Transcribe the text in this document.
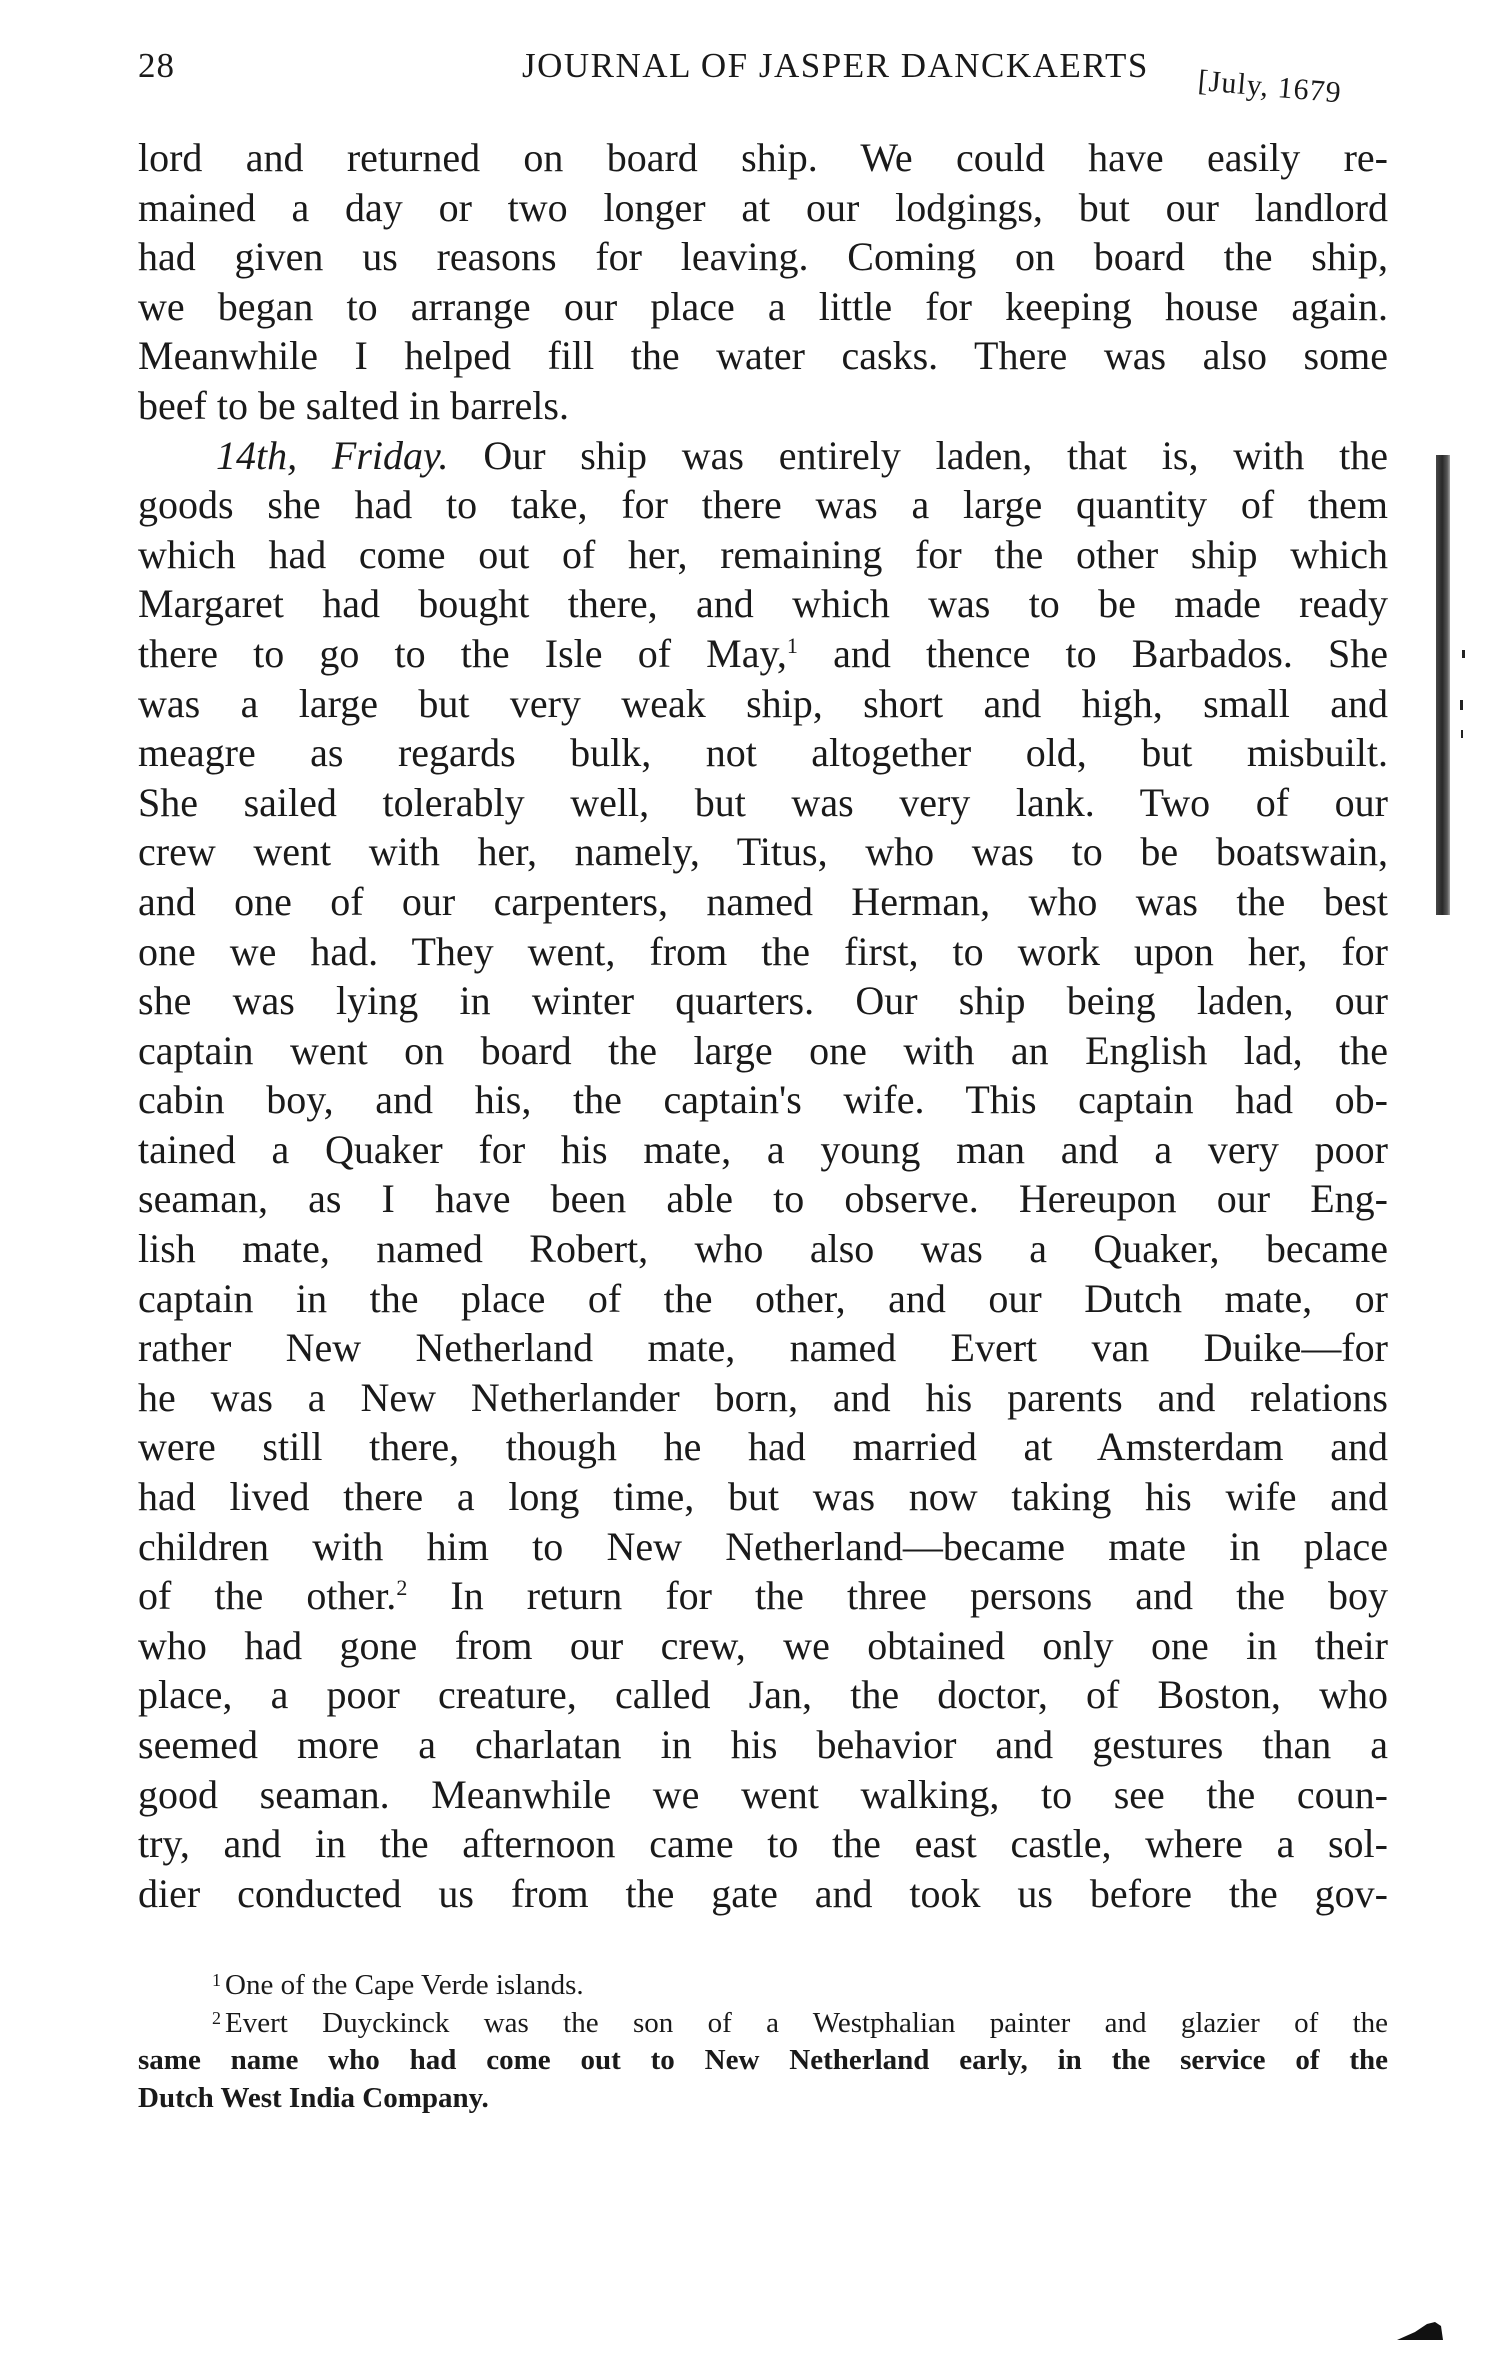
28	JOURNAL OF JASPER DANCKAERTS [July, 1679
lord and returned on board ship. We could have easily re-
mained a day or two longer at our lodgings, but our landlord
had given us reasons for leaving. Coming on board the ship,
we began to arrange our place a little for keeping house again.
Meanwhile I helped fill the water casks. There was also some
beef to be salted in barrels.
14th, Friday. Our ship was entirely laden, that is, with the
goods she had to take, for there was a large quantity of them
which had come out of her, remaining for the other ship which
Margaret had bought there, and which was to be made ready
there to go to the Isle of May,$^1$ and thence to Barbados. She
was a large but very weak ship, short and high, small and
meagre as regards bulk, not altogether old, but misbuilt.
She sailed tolerably well, but was very lank. Two of our
crew went with her, namely, Titus, who was to be boatswain,
and one of our carpenters, named Herman, who was the best
one we had. They went, from the first, to work upon her, for
she was lying in winter quarters. Our ship being laden, our
captain went on board the large one with an English lad, the
cabin boy, and his, the captain's wife. This captain had ob-
tained a Quaker for his mate, a young man and a very poor
seaman, as I have been able to observe. Hereupon our Eng-
lish mate, named Robert, who also was a Quaker, became
captain in the place of the other, and our Dutch mate, or
rather New Netherland mate, named Evert van Duike—for
he was a New Netherlander born, and his parents and relations
were still there, though he had married at Amsterdam and
had lived there a long time, but was now taking his wife and
children with him to New Netherland—became mate in place
of the other.$^2$ In return for the three persons and the boy
who had gone from our crew, we obtained only one in their
place, a poor creature, called Jan, the doctor, of Boston, who
seemed more a charlatan in his behavior and gestures than a
good seaman. Meanwhile we went walking, to see the coun-
try, and in the afternoon came to the east castle, where a sol-
dier conducted us from the gate and took us before the gov-
$^1$ One of the Cape Verde islands.
$^2$ Evert Duyckinck was the son of a Westphalian painter and glazier of the
same name who had come out to New Netherland early, in the service of the
Dutch West India Company.
